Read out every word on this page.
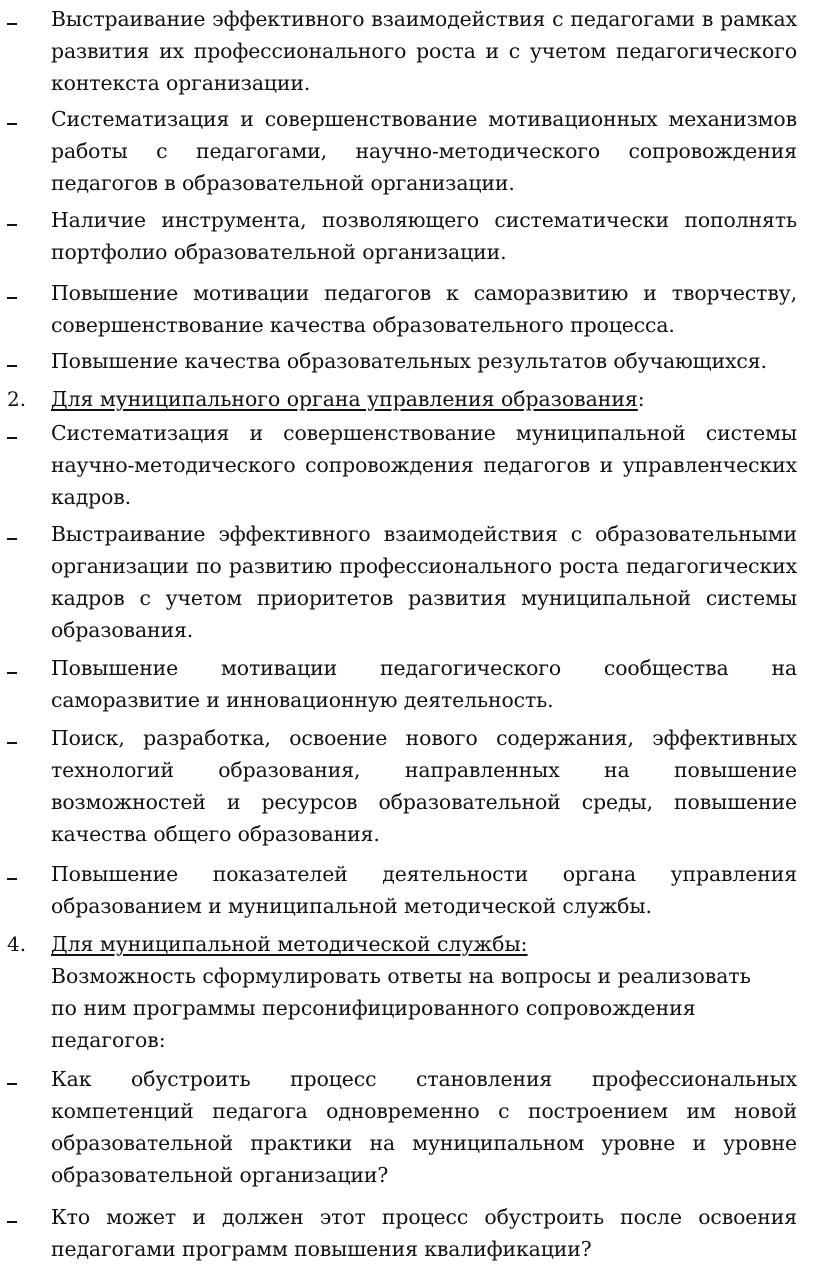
Выстраивание эффективного взаимодействия с педагогами в рамках развития их профессионального роста и с учетом педагогического контекста организации.
Систематизация и совершенствование мотивационных механизмов работы с педагогами, научно-методического сопровождения педагогов в образовательной организации.
Наличие инструмента, позволяющего систематически пополнять портфолио образовательной организации.
Повышение мотивации педагогов к саморазвитию и творчеству, совершенствование качества образовательного процесса.
Повышение качества образовательных результатов обучающихся.
2. Для муниципального органа управления образования:
Систематизация и совершенствование муниципальной системы научно-методического сопровождения педагогов и управленческих кадров.
Выстраивание эффективного взаимодействия с образовательными организации по развитию профессионального роста педагогических кадров с учетом приоритетов развития муниципальной системы образования.
Повышение мотивации педагогического сообщества на саморазвитие и инновационную деятельность.
Поиск, разработка, освоение нового содержания, эффективных технологий образования, направленных на повышение возможностей и ресурсов образовательной среды, повышение качества общего образования.
Повышение показателей деятельности органа управления образованием и муниципальной методической службы.
4. Для муниципальной методической службы:
Возможность сформулировать ответы на вопросы и реализовать по ним программы персонифицированного сопровождения педагогов:
Как обустроить процесс становления профессиональных компетенций педагога одновременно с построением им новой образовательной практики на муниципальном уровне и уровне образовательной организации?
Кто может и должен этот процесс обустроить после освоения педагогами программ повышения квалификации?
